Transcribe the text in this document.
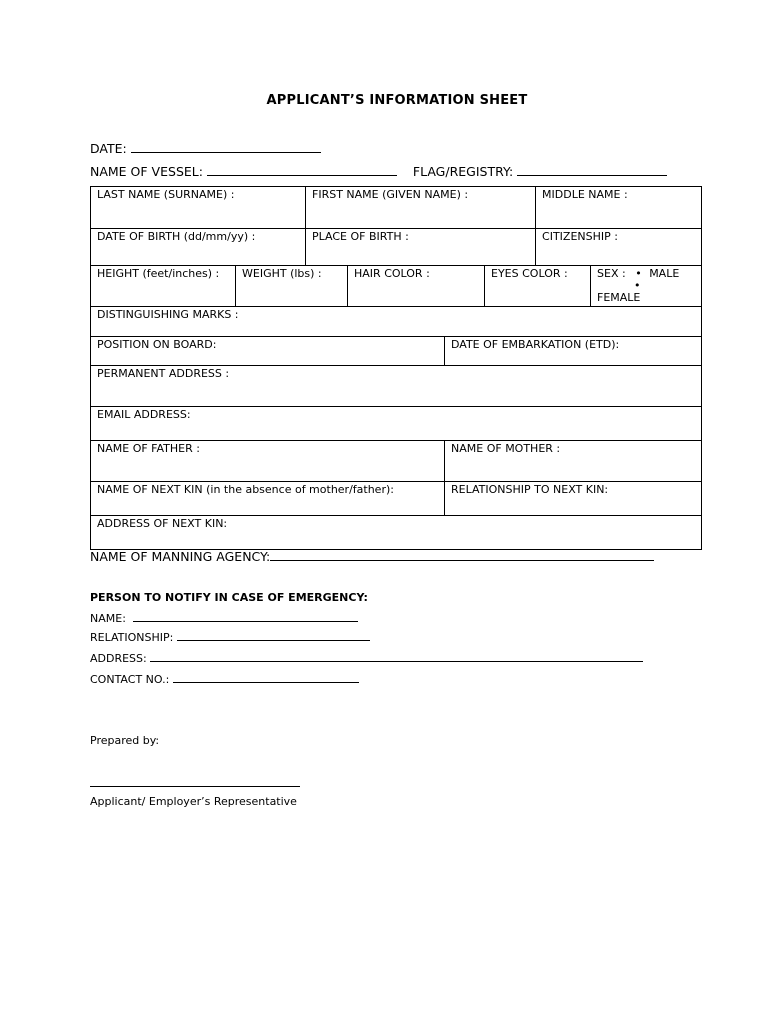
APPLICANT’S INFORMATION SHEET
DATE:
NAME OF VESSEL:	FLAG/REGISTRY:
LAST NAME (SURNAME) :		FIRST NAME (GIVEN NAME) :				MIDDLE NAME :	
DATE OF BIRTH (dd/mm/yy) :		PLACE OF BIRTH :				CITIZENSHIP :	
HEIGHT (feet/inches) :	WEIGHT (lbs) :		HAIR COLOR :		EYES COLOR :		SEX : • MALE
•
FEMALE

DISTINGUISHING MARKS :							
POSITION ON BOARD:				DATE OF EMBARKATION (ETD):			
PERMANENT ADDRESS :							
EMAIL ADDRESS:							
NAME OF FATHER :				NAME OF MOTHER :			
NAME OF NEXT KIN (in the absence of mother/father):				RELATIONSHIP TO NEXT KIN:			
ADDRESS OF NEXT KIN:							
NAME OF MANNING AGENCY:
PERSON TO NOTIFY IN CASE OF EMERGENCY:
NAME:
RELATIONSHIP:
ADDRESS:
CONTACT NO.:
Prepared by:
Applicant/ Employer’s Representative
